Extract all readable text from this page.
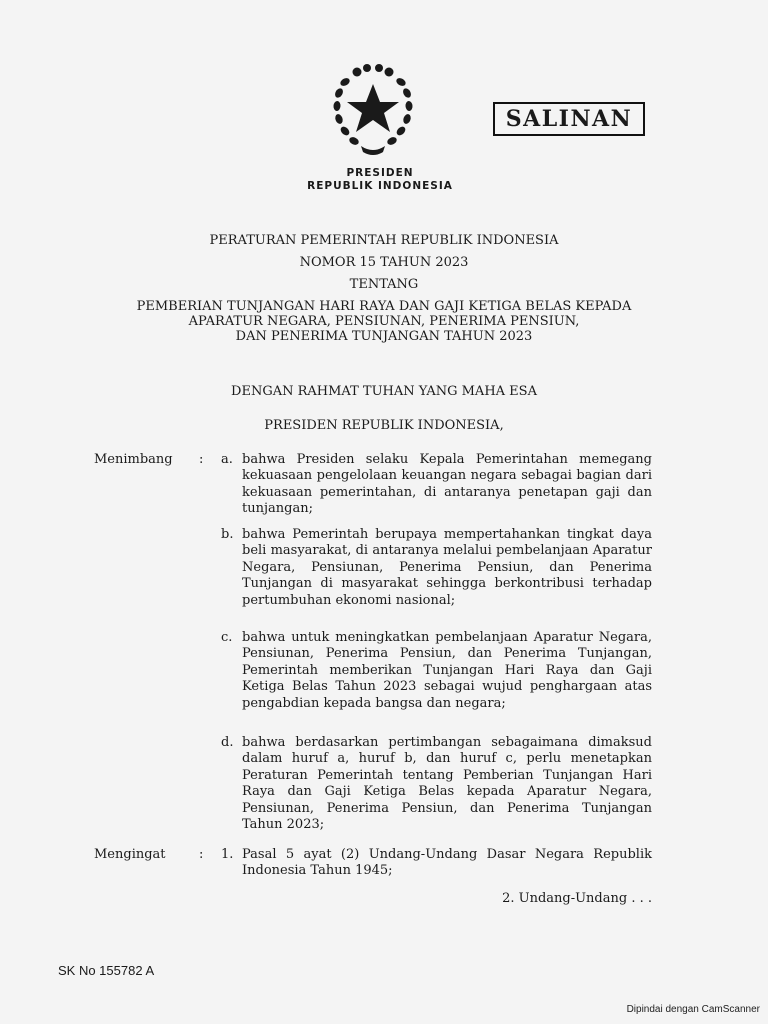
SALINAN
PRESIDEN
REPUBLIK INDONESIA
PERATURAN PEMERINTAH REPUBLIK INDONESIA
NOMOR 15 TAHUN 2023
TENTANG
PEMBERIAN TUNJANGAN HARI RAYA DAN GAJI KETIGA BELAS KEPADA
APARATUR NEGARA, PENSIUNAN, PENERIMA PENSIUN,
DAN PENERIMA TUNJANGAN TAHUN 2023
DENGAN RAHMAT TUHAN YANG MAHA ESA
PRESIDEN REPUBLIK INDONESIA,
Menimbang : a. bahwa Presiden selaku Kepala Pemerintahan memegang kekuasaan pengelolaan keuangan negara sebagai bagian dari kekuasaan pemerintahan, di antaranya penetapan gaji dan tunjangan;
b. bahwa Pemerintah berupaya mempertahankan tingkat daya beli masyarakat, di antaranya melalui pembelanjaan Aparatur Negara, Pensiunan, Penerima Pensiun, dan Penerima Tunjangan di masyarakat sehingga berkontribusi terhadap pertumbuhan ekonomi nasional;
c. bahwa untuk meningkatkan pembelanjaan Aparatur Negara, Pensiunan, Penerima Pensiun, dan Penerima Tunjangan, Pemerintah memberikan Tunjangan Hari Raya dan Gaji Ketiga Belas Tahun 2023 sebagai wujud penghargaan atas pengabdian kepada bangsa dan negara;
d. bahwa berdasarkan pertimbangan sebagaimana dimaksud dalam huruf a, huruf b, dan huruf c, perlu menetapkan Peraturan Pemerintah tentang Pemberian Tunjangan Hari Raya dan Gaji Ketiga Belas kepada Aparatur Negara, Pensiunan, Penerima Pensiun, dan Penerima Tunjangan Tahun 2023;
Mengingat	: 1. Pasal 5 ayat (2) Undang-Undang Dasar Negara Republik Indonesia Tahun 1945;
2. Undang-Undang . . .
SK No 155782 A
Dipindai dengan CamScanner
